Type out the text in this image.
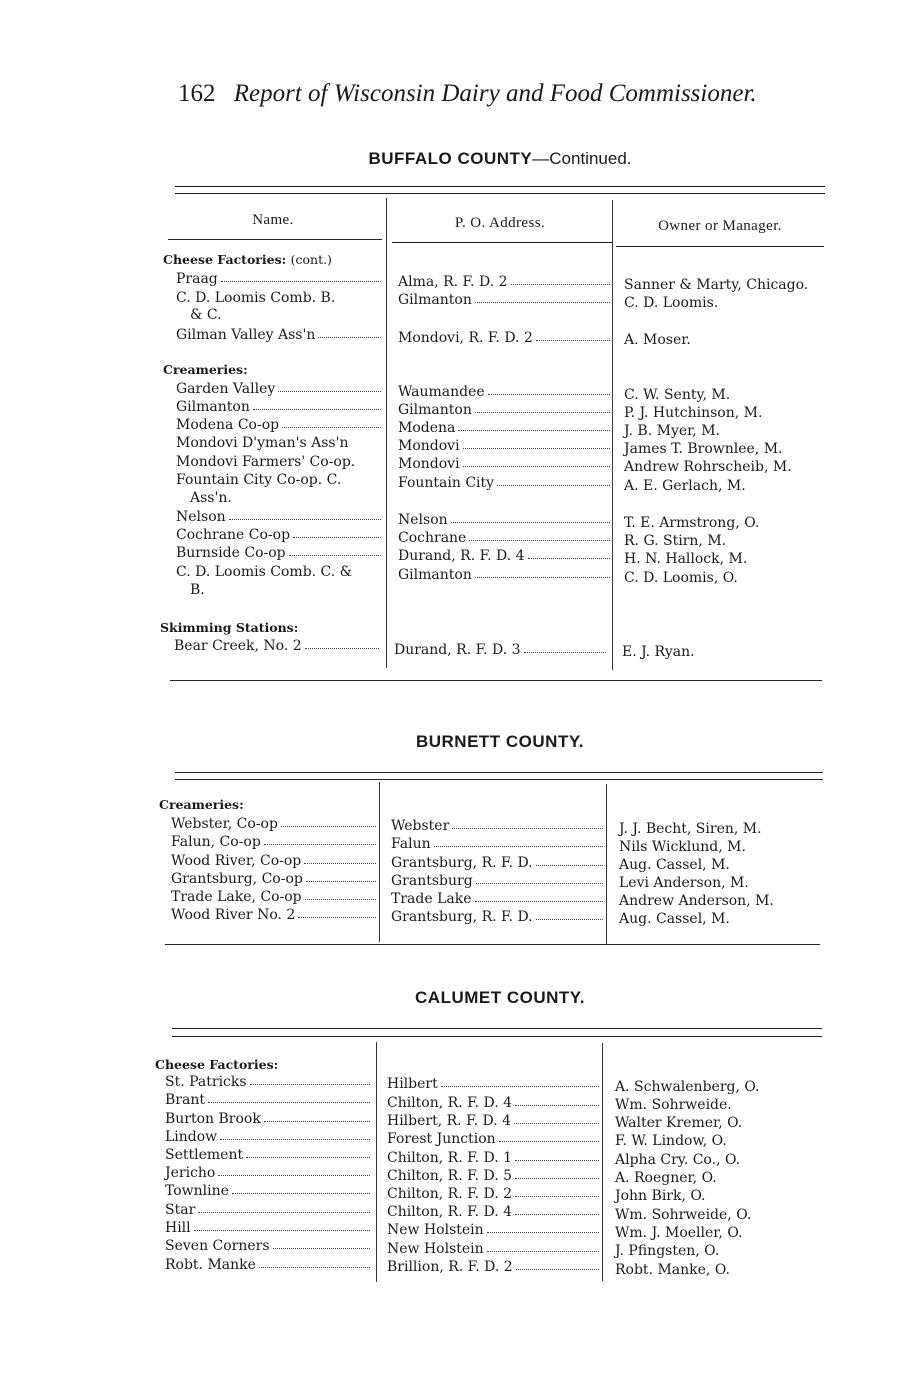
162 Report of Wisconsin Dairy and Food Commissioner.
BUFFALO COUNTY—Continued.
Name.	P. O. Address.	Owner or Manager.
Cheese Factories: (cont.)
Praag	Alma, R. F. D. 2	Sanner & Marty, Chicago.
C. D. Loomis Comb. B.
& C.
Gilmanton	C. D. Loomis.
Gilman Valley Ass'n	Mondovi, R. F. D. 2	A. Moser.
Creameries:
Garden Valley	Waumandee	C. W. Senty, M.
Gilmanton	Gilmanton	P. J. Hutchinson, M.
Modena Co-op	Modena	J. B. Myer, M.
Mondovi D'yman's Ass'n	Mondovi	James T. Brownlee, M.
Mondovi Farmers' Co-op.	Mondovi	Andrew Rohrscheib, M.
Fountain City Co-op. C.
Ass'n.
Fountain City	A. E. Gerlach, M.
Nelson	Nelson	T. E. Armstrong, O.
Cochrane Co-op	Cochrane	R. G. Stirn, M.
Burnside Co-op	Durand, R. F. D. 4	H. N. Hallock, M.
C. D. Loomis Comb. C. &
B.
Gilmanton	C. D. Loomis, O.
Skimming Stations:
Bear Creek, No. 2	Durand, R. F. D. 3	E. J. Ryan.
BURNETT COUNTY.
Creameries:
Webster, Co-op	Webster	J. J. Becht, Siren, M.
Falun, Co-op	Falun	Nils Wicklund, M.
Wood River, Co-op	Grantsburg, R. F. D.	Aug. Cassel, M.
Grantsburg, Co-op	Grantsburg	Levi Anderson, M.
Trade Lake, Co-op	Trade Lake	Andrew Anderson, M.
Wood River No. 2	Grantsburg, R. F. D.	Aug. Cassel, M.
CALUMET COUNTY.
Cheese Factories:
St. Patricks	Hilbert	A. Schwalenberg, O.
Brant	Chilton, R. F. D. 4	Wm. Sohrweide.
Burton Brook	Hilbert, R. F. D. 4	Walter Kremer, O.
Lindow	Forest Junction	F. W. Lindow, O.
Settlement	Chilton, R. F. D. 1	Alpha Cry. Co., O.
Jericho	Chilton, R. F. D. 5	A. Roegner, O.
Townline	Chilton, R. F. D. 2	John Birk, O.
Star	Chilton, R. F. D. 4	Wm. Sohrweide, O.
Hill	New Holstein	Wm. J. Moeller, O.
Seven Corners	New Holstein	J. Pfingsten, O.
Robt. Manke	Brillion, R. F. D. 2	Robt. Manke, O.
